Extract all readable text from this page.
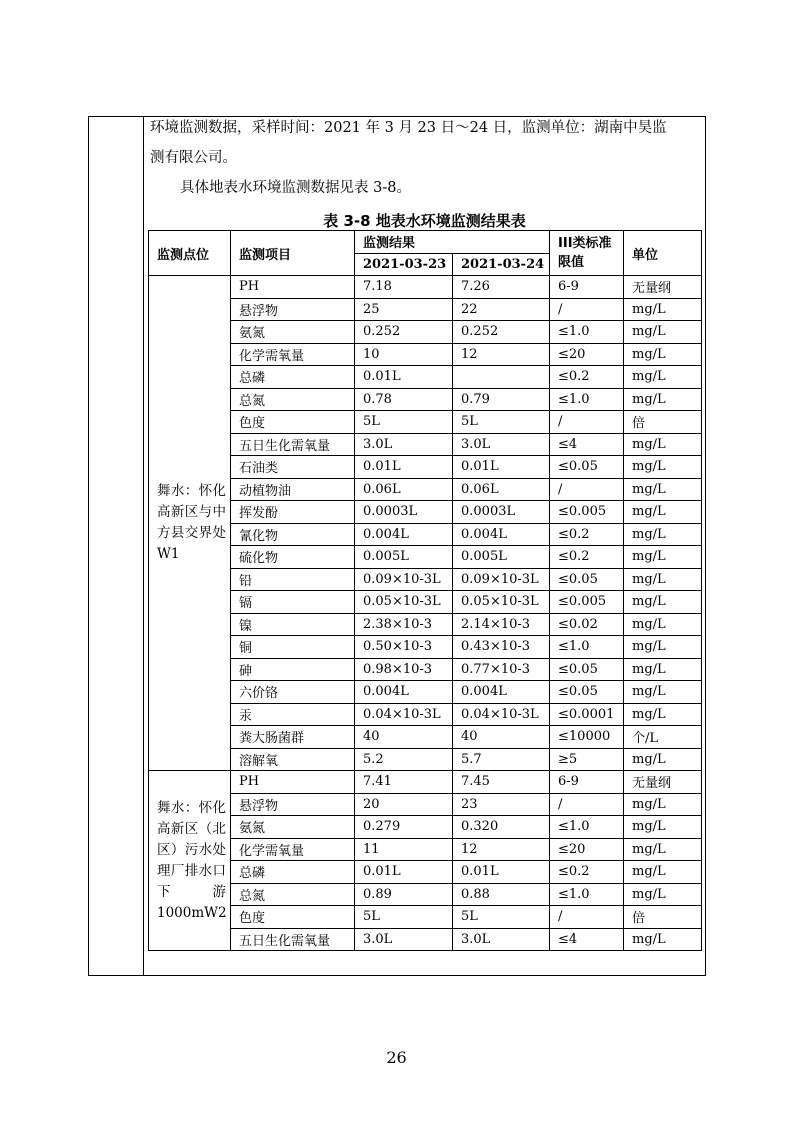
环境监测数据，采样时间：2021 年 3 月 23 日～24 日，监测单位：湖南中昊监
测有限公司。
具体地表水环境监测数据见表 3-8。
表 3-8 地表水环境监测结果表
监测点位	监测项目	监测结果		III类标准限值	单位
		2021-03-23	2021-03-24		
舞水：怀化高新区与中方县交界处 W1	PH	7.18	7.26	6-9	无量纲
	悬浮物	25	22	/	mg/L
	氨氮	0.252	0.252	≤1.0	mg/L
	化学需氧量	10	12	≤20	mg/L
	总磷	0.01L		≤0.2	mg/L
	总氮	0.78	0.79	≤1.0	mg/L
	色度	5L	5L	/	倍
	五日生化需氧量	3.0L	3.0L	≤4	mg/L
	石油类	0.01L	0.01L	≤0.05	mg/L
	动植物油	0.06L	0.06L	/	mg/L
	挥发酚	0.0003L	0.0003L	≤0.005	mg/L
	氰化物	0.004L	0.004L	≤0.2	mg/L
	硫化物	0.005L	0.005L	≤0.2	mg/L
	铅	0.09×10-3L	0.09×10-3L	≤0.05	mg/L
	镉	0.05×10-3L	0.05×10-3L	≤0.005	mg/L
	镍	2.38×10-3	2.14×10-3	≤0.02	mg/L
	铜	0.50×10-3	0.43×10-3	≤1.0	mg/L
	砷	0.98×10-3	0.77×10-3	≤0.05	mg/L
	六价铬	0.004L	0.004L	≤0.05	mg/L
	汞	0.04×10-3L	0.04×10-3L	≤0.0001	mg/L
	粪大肠菌群	40	40	≤10000	个/L
	溶解氧	5.2	5.7	≥5	mg/L
舞水：怀化高新区（北区）污水处理厂排水口下游 1000mW2	PH	7.41	7.45	6-9	无量纲
	悬浮物	20	23	/	mg/L
	氨氮	0.279	0.320	≤1.0	mg/L
	化学需氧量	11	12	≤20	mg/L
	总磷	0.01L	0.01L	≤0.2	mg/L
	总氮	0.89	0.88	≤1.0	mg/L
	色度	5L	5L	/	倍
	五日生化需氧量	3.0L	3.0L	≤4	mg/L
26
